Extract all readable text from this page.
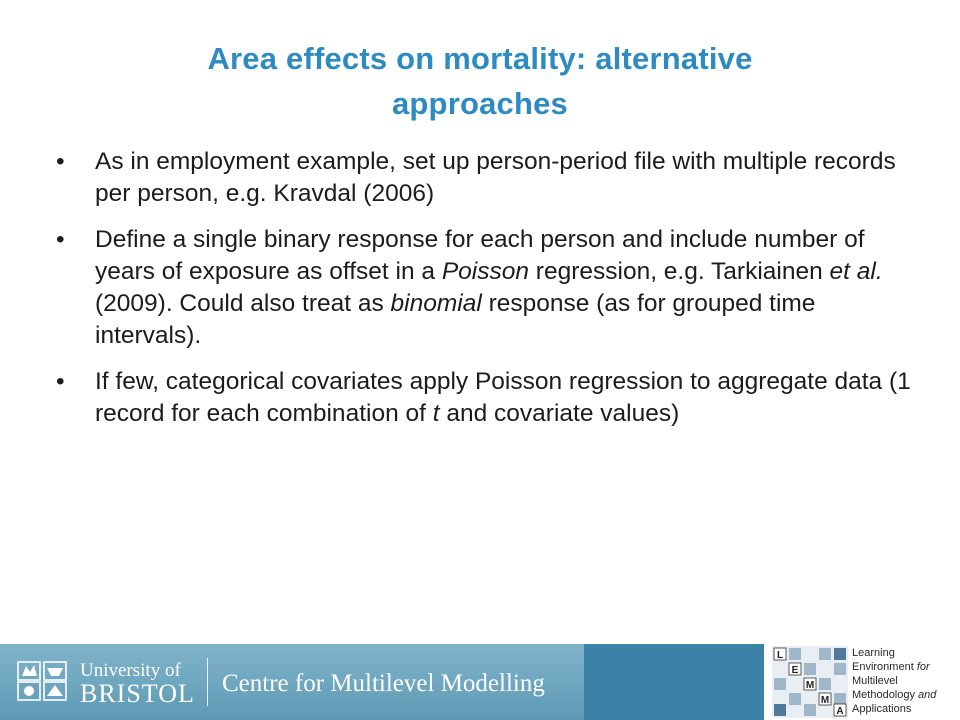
Area effects on mortality: alternative approaches
•	As in employment example, set up person-period file with multiple records per person, e.g. Kravdal (2006)
•	Define a single binary response for each person and include number of years of exposure as offset in a Poisson regression, e.g. Tarkiainen et al. (2009). Could also treat as binomial response (as for grouped time intervals).
•	If few, categorical covariates apply Poisson regression to aggregate data (1 record for each combination of t and covariate values)
University of
BRISTOL Centre for Multilevel Modelling
L
E
M
M
A
Learning
Environment for
Multilevel
Methodology and
Applications
